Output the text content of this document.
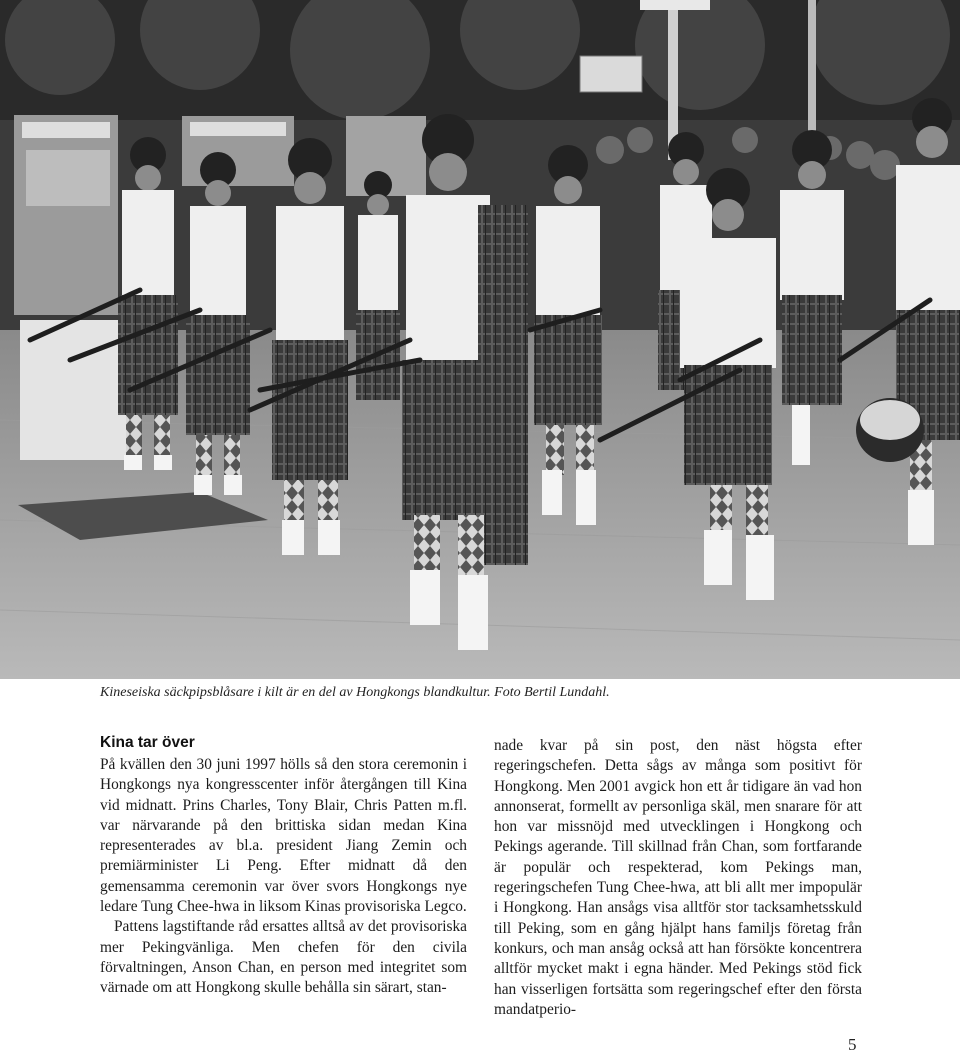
Kineseiska säckpipsblåsare i kilt är en del av Hongkongs blandkultur. Foto Bertil Lundahl.
Kina tar över

På kvällen den 30 juni 1997 hölls så den stora ceremonin i Hongkongs nya kongresscenter inför återgången till Kina vid midnatt. Prins Charles, Tony Blair, Chris Patten m.fl. var närvarande på den brittiska sidan medan Kina representerades av bl.a. president Jiang Zemin och premiärminister Li Peng. Efter midnatt då den gemensamma ceremonin var över svors Hongkongs nye ledare Tung Chee-hwa in liksom Kinas provisoriska Legco.

Pattens lagstiftande råd ersattes alltså av det provisoriska mer Pekingvänliga. Men chefen för den civila förvaltningen, Anson Chan, en person med integritet som värnade om att Hongkong skulle behålla sin särart, stan-

nade kvar på sin post, den näst högsta efter regeringschefen. Detta sågs av många som positivt för Hongkong. Men 2001 avgick hon ett år tidigare än vad hon annonserat, formellt av personliga skäl, men snarare för att hon var missnöjd med utvecklingen i Hongkong och Pekings agerande. Till skillnad från Chan, som fortfarande är populär och respekterad, kom Pekings man, regeringschefen Tung Chee-hwa, att bli allt mer impopulär i Hongkong. Han ansågs visa alltför stor tacksamhetsskuld till Peking, som en gång hjälpt hans familjs företag från konkurs, och man ansåg också att han försökte koncentrera alltför mycket makt i egna händer. Med Pekings stöd fick han visserligen fortsätta som regeringschef efter den första mandatperio-

5
